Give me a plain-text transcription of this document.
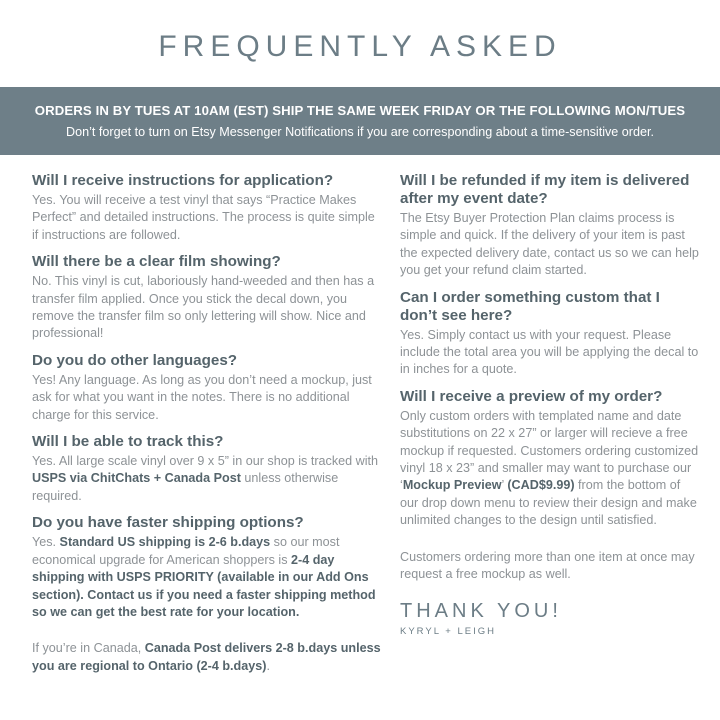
FREQUENTLY ASKED
ORDERS IN BY TUES AT 10AM (EST) SHIP THE SAME WEEK FRIDAY OR THE FOLLOWING MON/TUES
Don’t forget to turn on Etsy Messenger Notifications if you are corresponding about a time-sensitive order.

Will I receive instructions for application?

Yes. You will receive a test vinyl that says “Practice Makes Perfect” and detailed instructions. The process is quite simple if instructions are followed.

Will there be a clear film showing?

No. This vinyl is cut, laboriously hand-weeded and then has a transfer film applied. Once you stick the decal down, you remove the transfer film so only lettering will show. Nice and professional!

Do you do other languages?

Yes! Any language. As long as you don’t need a mockup, just ask for what you want in the notes. There is no additional charge for this service.

Will I be able to track this?

Yes. All large scale vinyl over 9 x 5” in our shop is tracked with USPS via ChitChats + Canada Post unless otherwise required.

Do you have faster shipping options?

Yes. Standard US shipping is 2-6 b.days so our most economical upgrade for American shoppers is 2-4 day shipping with USPS PRIORITY (available in our Add Ons section). Contact us if you need a faster shipping method so we can get the best rate for your location.

If you’re in Canada, Canada Post delivers 2-8 b.days unless you are regional to Ontario (2-4 b.days).

Will I be refunded if my item is delivered after my event date?

The Etsy Buyer Protection Plan claims process is simple and quick. If the delivery of your item is past the expected delivery date, contact us so we can help you get your refund claim started.

Can I order something custom that I don’t see here?

Yes. Simply contact us with your request. Please include the total area you will be applying the decal to in inches for a quote.

Will I receive a preview of my order?

Only custom orders with templated name and date substitutions on 22 x 27” or larger will recieve a free mockup if requested. Customers ordering customized vinyl 18 x 23” and smaller may want to purchase our ‘Mockup Preview’ (CAD$9.99) from the bottom of our drop down menu to review their design and make unlimited changes to the design until satisfied.

Customers ordering more than one item at once may request a free mockup as well.

THANK YOU!
KYRYL + LEIGH
